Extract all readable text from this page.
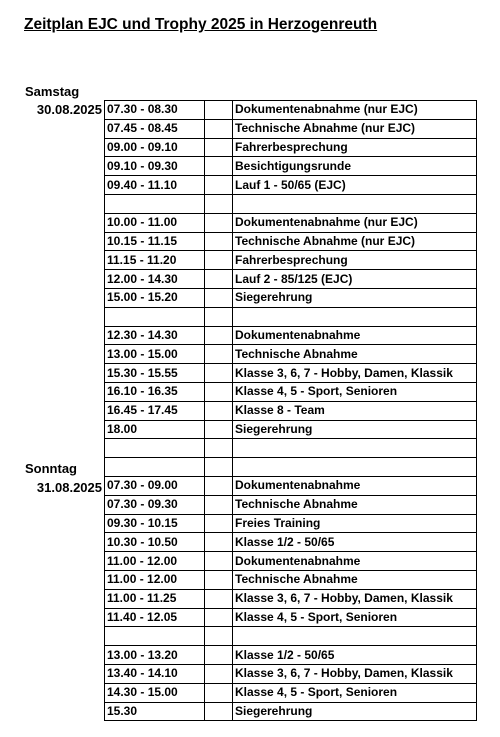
Zeitplan EJC und Trophy 2025 in Herzogenreuth
Samstag
30.08.2025
Sonntag
31.08.2025
07.30 - 08.30		Dokumentenabnahme (nur EJC)
07.45 - 08.45		Technische Abnahme (nur EJC)
09.00 - 09.10		Fahrerbesprechung
09.10 - 09.30		Besichtigungsrunde
09.40 - 11.10		Lauf 1 - 50/65 (EJC)

10.00 - 11.00		Dokumentenabnahme (nur EJC)
10.15 - 11.15		Technische Abnahme (nur EJC)
11.15 - 11.20		Fahrerbesprechung
12.00 - 14.30		Lauf 2 - 85/125 (EJC)
15.00 - 15.20		Siegerehrung

12.30 - 14.30		Dokumentenabnahme
13.00 - 15.00		Technische Abnahme
15.30 - 15.55		Klasse 3, 6, 7 - Hobby, Damen, Klassik
16.10 - 16.35		Klasse 4, 5 - Sport, Senioren
16.45 - 17.45		Klasse 8 - Team
18.00		Siegerehrung

07.30 - 09.00		Dokumentenabnahme
07.30 - 09.30		Technische Abnahme
09.30 - 10.15		Freies Training
10.30 - 10.50		Klasse 1/2 - 50/65
11.00 - 12.00		Dokumentenabnahme
11.00 - 12.00		Technische Abnahme
11.00 - 11.25		Klasse 3, 6, 7 - Hobby, Damen, Klassik
11.40 - 12.05		Klasse 4, 5 - Sport, Senioren

13.00 - 13.20		Klasse 1/2 - 50/65
13.40 - 14.10		Klasse 3, 6, 7 - Hobby, Damen, Klassik
14.30 - 15.00		Klasse 4, 5 - Sport, Senioren
15.30		Siegerehrung
